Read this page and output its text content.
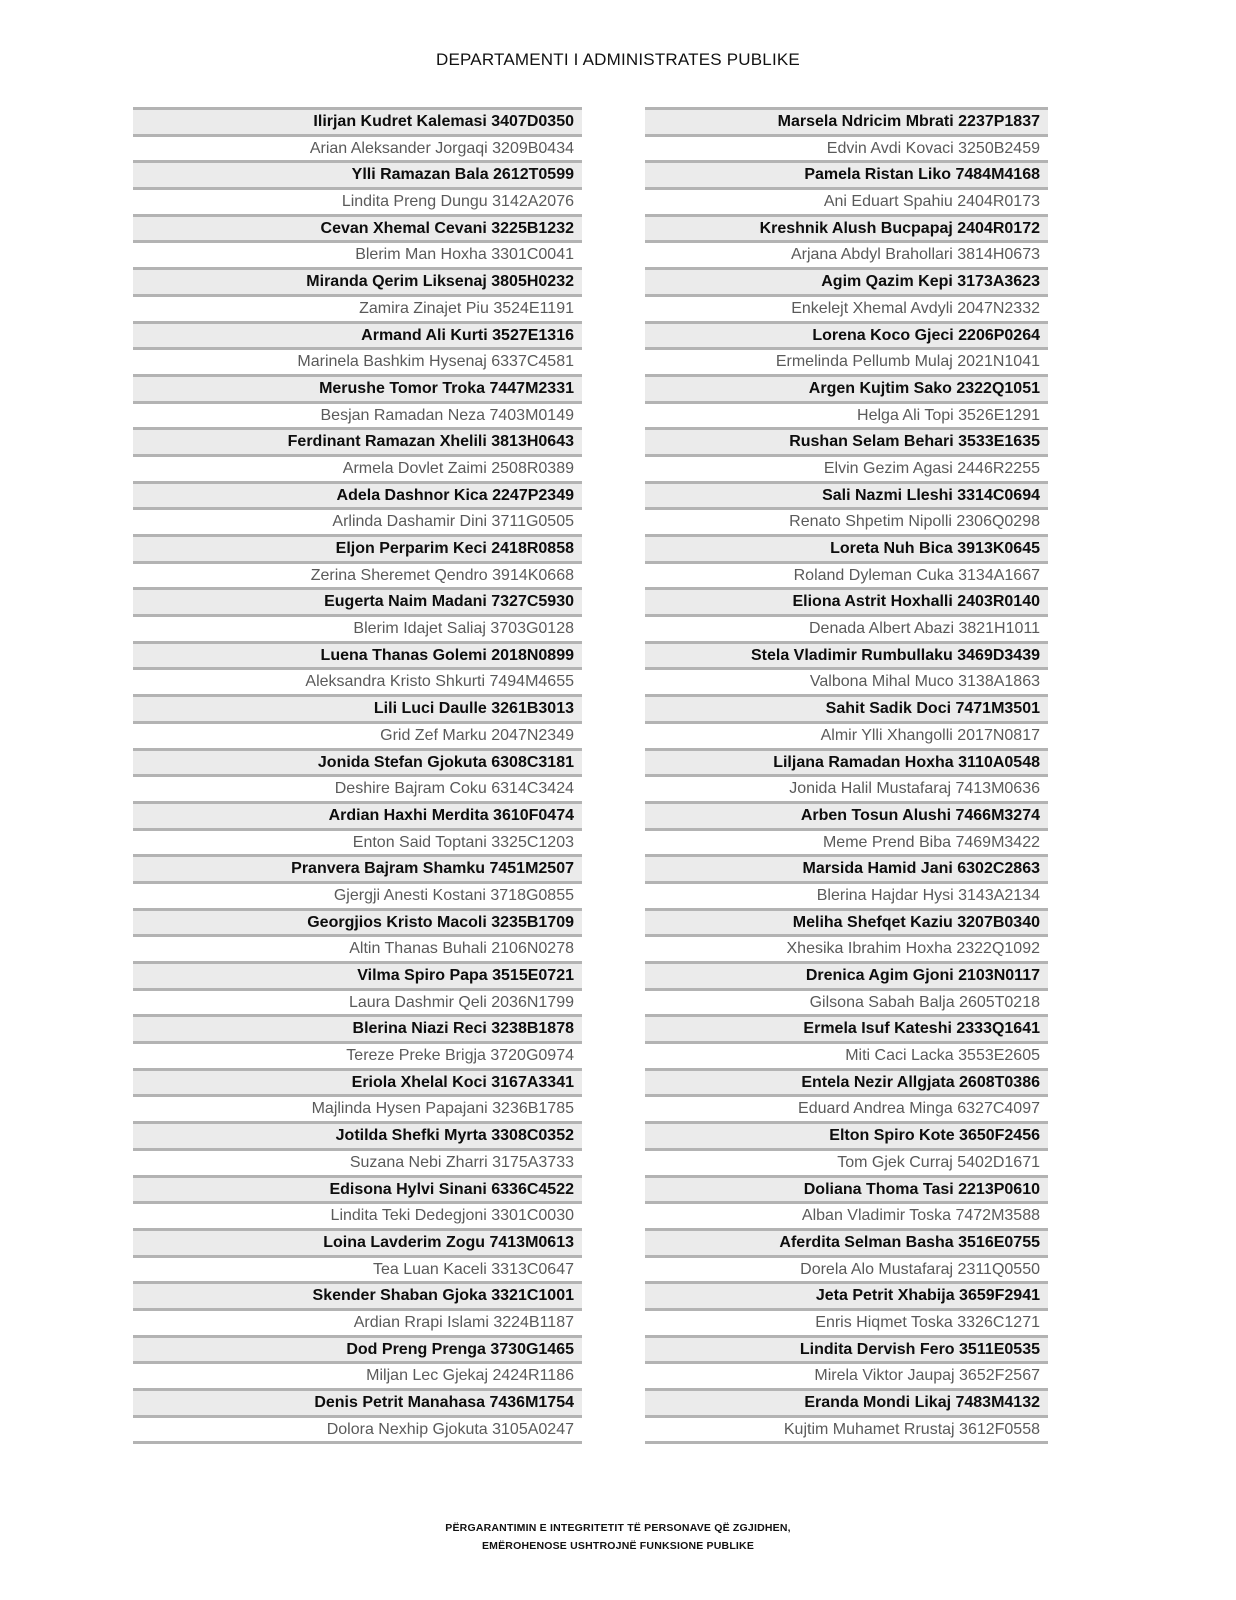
DEPARTAMENTI I ADMINISTRATES PUBLIKE
Ilirjan Kudret Kalemasi 3407D0350
Arian Aleksander Jorgaqi 3209B0434
Ylli Ramazan Bala 2612T0599
Lindita Preng Dungu 3142A2076
Cevan Xhemal Cevani 3225B1232
Blerim Man Hoxha 3301C0041
Miranda Qerim Liksenaj 3805H0232
Zamira Zinajet Piu 3524E1191
Armand Ali Kurti 3527E1316
Marinela Bashkim Hysenaj 6337C4581
Merushe Tomor Troka 7447M2331
Besjan Ramadan Neza 7403M0149
Ferdinant Ramazan Xhelili 3813H0643
Armela Dovlet Zaimi 2508R0389
Adela Dashnor Kica 2247P2349
Arlinda Dashamir Dini 3711G0505
Eljon Perparim Keci 2418R0858
Zerina Sheremet Qendro 3914K0668
Eugerta Naim Madani 7327C5930
Blerim Idajet Saliaj 3703G0128
Luena Thanas Golemi 2018N0899
Aleksandra Kristo Shkurti 7494M4655
Lili Luci Daulle 3261B3013
Grid Zef Marku 2047N2349
Jonida Stefan Gjokuta 6308C3181
Deshire Bajram Coku 6314C3424
Ardian Haxhi Merdita 3610F0474
Enton Said Toptani 3325C1203
Pranvera Bajram Shamku 7451M2507
Gjergji Anesti Kostani 3718G0855
Georgjios Kristo Macoli 3235B1709
Altin Thanas Buhali 2106N0278
Vilma Spiro Papa 3515E0721
Laura Dashmir Qeli 2036N1799
Blerina Niazi Reci 3238B1878
Tereze Preke Brigja 3720G0974
Eriola Xhelal Koci 3167A3341
Majlinda Hysen Papajani 3236B1785
Jotilda Shefki Myrta 3308C0352
Suzana Nebi Zharri 3175A3733
Edisona Hylvi Sinani 6336C4522
Lindita Teki Dedegjoni 3301C0030
Loina Lavderim Zogu 7413M0613
Tea Luan Kaceli 3313C0647
Skender Shaban Gjoka 3321C1001
Ardian Rrapi Islami 3224B1187
Dod Preng Prenga 3730G1465
Miljan Lec Gjekaj 2424R1186
Denis Petrit Manahasa 7436M1754
Dolora Nexhip Gjokuta 3105A0247
Marsela Ndricim Mbrati 2237P1837
Edvin Avdi Kovaci 3250B2459
Pamela Ristan Liko 7484M4168
Ani Eduart Spahiu 2404R0173
Kreshnik Alush Bucpapaj 2404R0172
Arjana Abdyl Brahollari 3814H0673
Agim Qazim Kepi 3173A3623
Enkelejt Xhemal Avdyli 2047N2332
Lorena Koco Gjeci 2206P0264
Ermelinda Pellumb Mulaj 2021N1041
Argen Kujtim Sako 2322Q1051
Helga Ali Topi 3526E1291
Rushan Selam Behari 3533E1635
Elvin Gezim Agasi 2446R2255
Sali Nazmi Lleshi 3314C0694
Renato Shpetim Nipolli 2306Q0298
Loreta Nuh Bica 3913K0645
Roland Dyleman Cuka 3134A1667
Eliona Astrit Hoxhalli 2403R0140
Denada Albert Abazi 3821H1011
Stela Vladimir Rumbullaku 3469D3439
Valbona Mihal Muco 3138A1863
Sahit Sadik Doci 7471M3501
Almir Ylli Xhangolli 2017N0817
Liljana Ramadan Hoxha 3110A0548
Jonida Halil Mustafaraj 7413M0636
Arben Tosun Alushi 7466M3274
Meme Prend Biba 7469M3422
Marsida Hamid Jani 6302C2863
Blerina Hajdar Hysi 3143A2134
Meliha Shefqet Kaziu 3207B0340
Xhesika Ibrahim Hoxha 2322Q1092
Drenica Agim Gjoni 2103N0117
Gilsona Sabah Balja 2605T0218
Ermela Isuf Kateshi 2333Q1641
Miti Caci Lacka 3553E2605
Entela Nezir Allgjata 2608T0386
Eduard Andrea Minga 6327C4097
Elton Spiro Kote 3650F2456
Tom Gjek Curraj 5402D1671
Doliana Thoma Tasi 2213P0610
Alban Vladimir Toska 7472M3588
Aferdita Selman Basha 3516E0755
Dorela Alo Mustafaraj 2311Q0550
Jeta Petrit Xhabija 3659F2941
Enris Hiqmet Toska 3326C1271
Lindita Dervish Fero 3511E0535
Mirela Viktor Jaupaj 3652F2567
Eranda Mondi Likaj 7483M4132
Kujtim Muhamet Rrustaj 3612F0558
PËRGARANTIMIN E INTEGRITETIT TË PERSONAVE QË ZGJIDHEN,
EMËROHENOSE USHTROJNË FUNKSIONE PUBLIKE
